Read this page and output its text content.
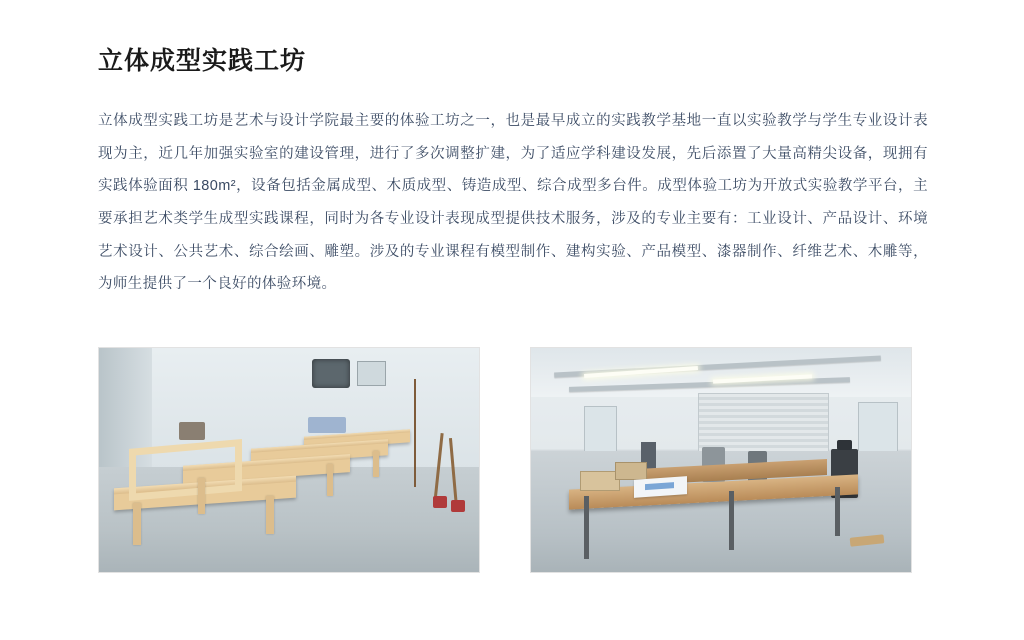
立体成型实践工坊

立体成型实践工坊是艺术与设计学院最主要的体验工坊之一，也是最早成立的实践教学基地一直以实验教学与学生专业设计表现为主，近几年加强实验室的建设管理，进行了多次调整扩建，为了适应学科建设发展，先后添置了大量高精尖设备，现拥有实践体验面积 180m²，设备包括金属成型、木质成型、铸造成型、综合成型多台件。成型体验工坊为开放式实验教学平台，主要承担艺术类学生成型实践课程，同时为各专业设计表现成型提供技术服务，涉及的专业主要有：工业设计、产品设计、环境艺术设计、公共艺术、综合绘画、雕塑。涉及的专业课程有模型制作、建构实验、产品模型、漆器制作、纤维艺术、木雕等，为师生提供了一个良好的体验环境。
